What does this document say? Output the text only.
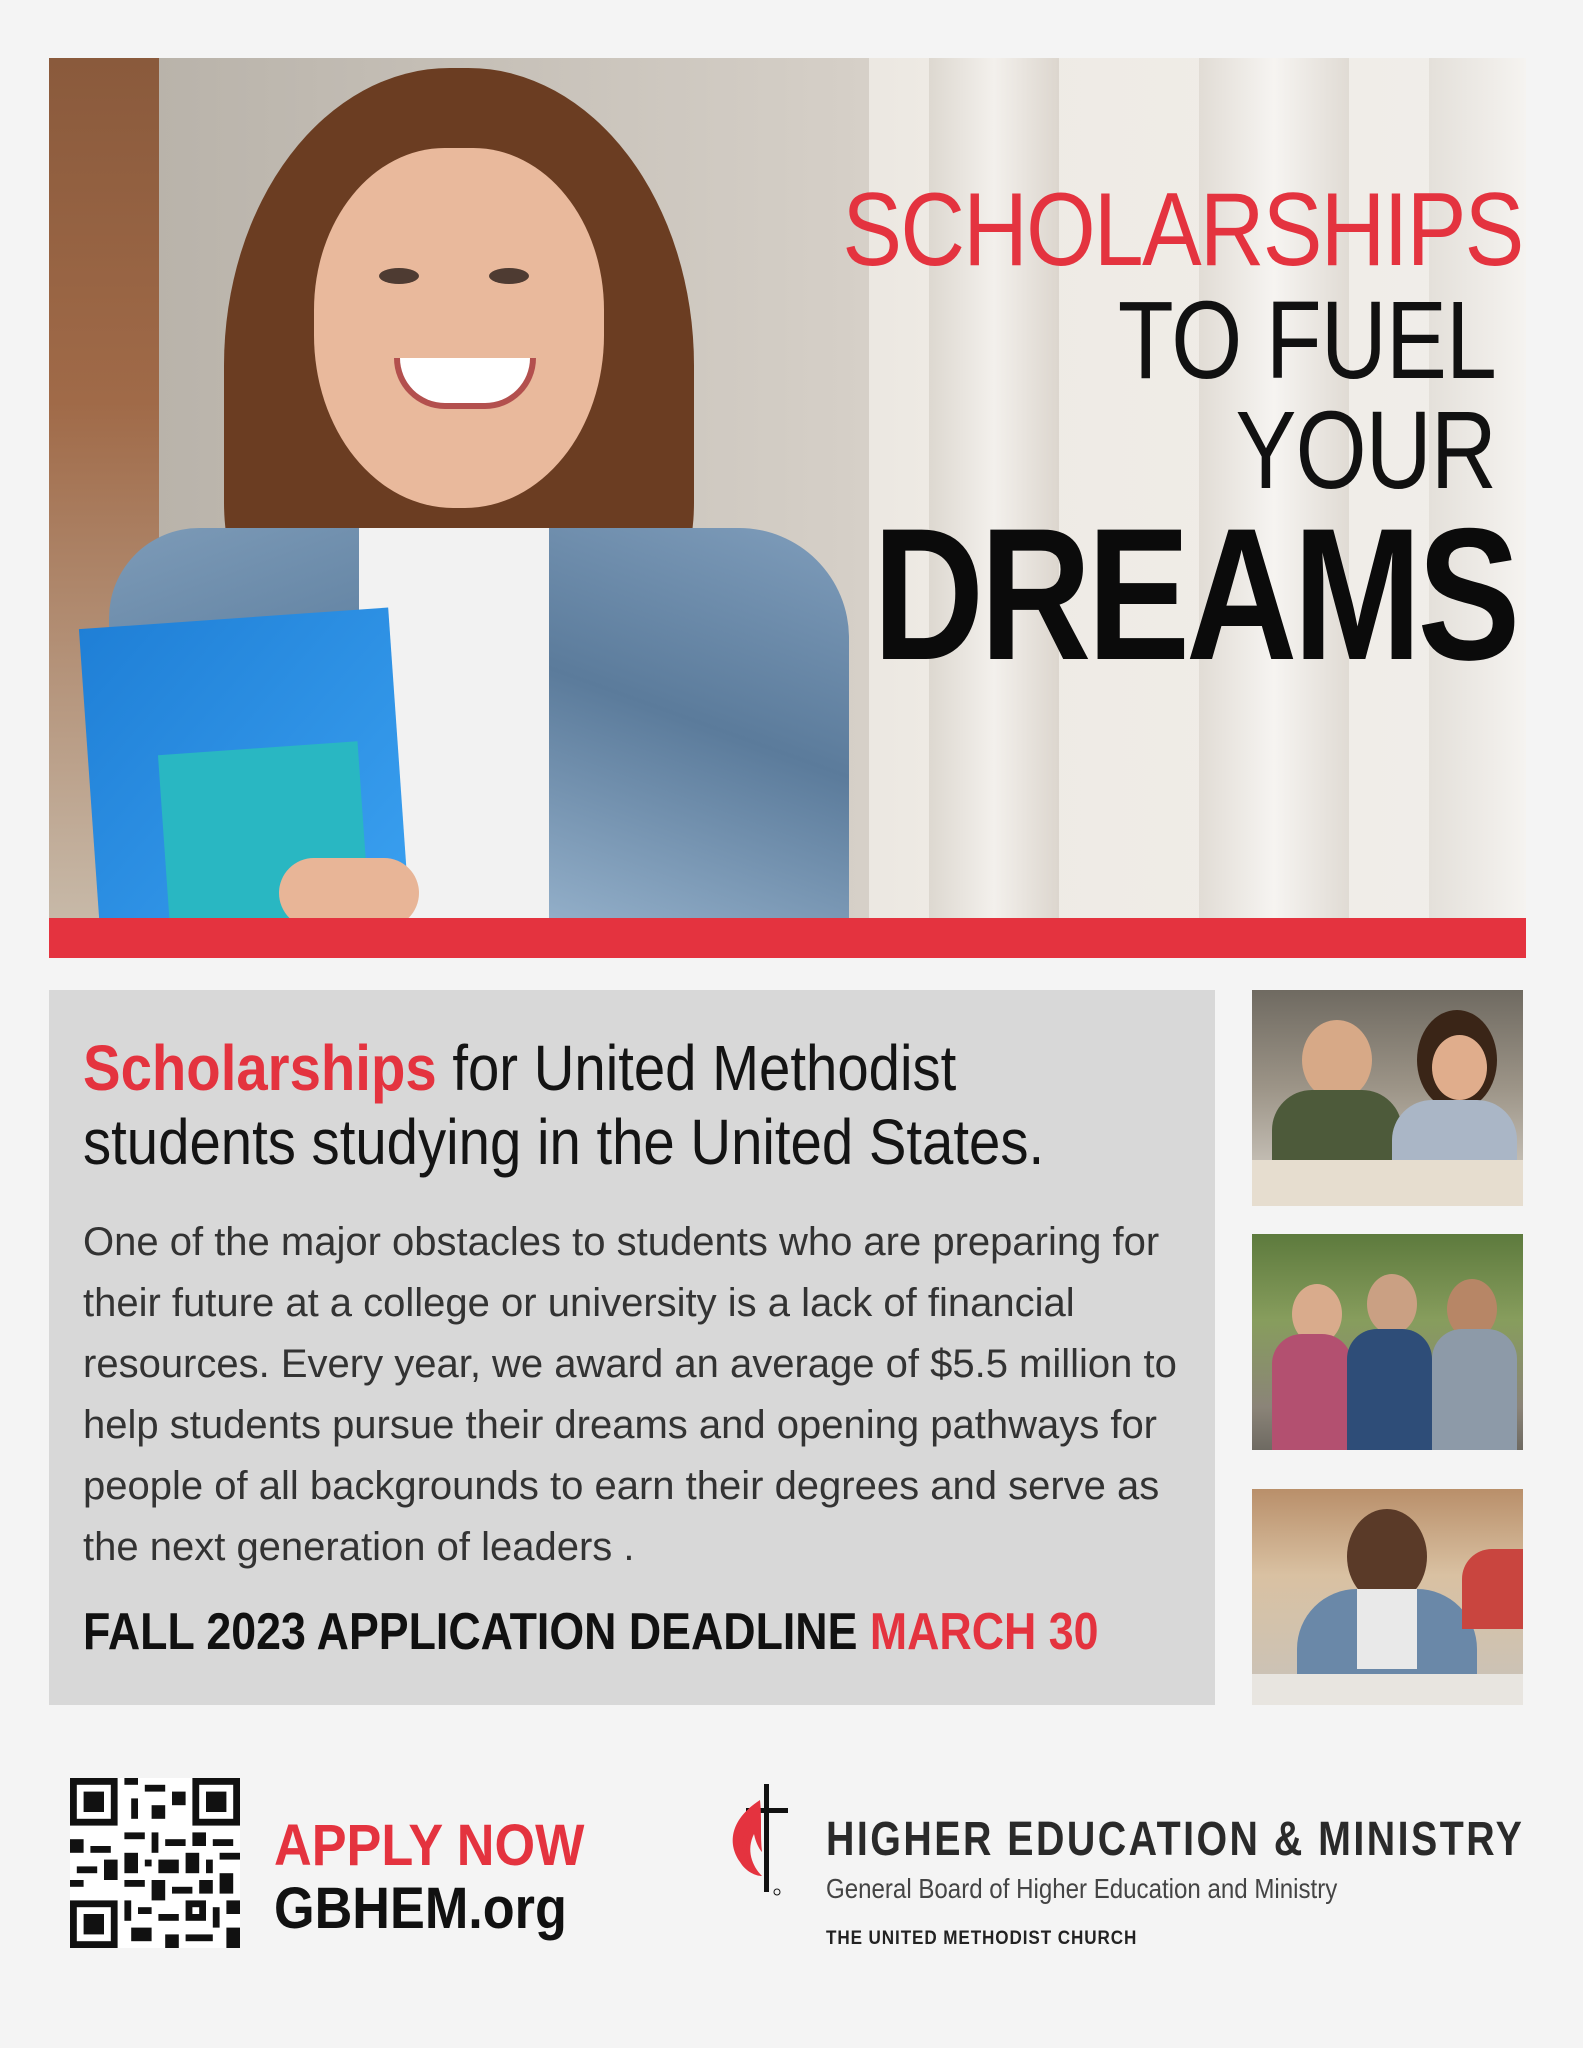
SCHOLARSHIPS
TO FUEL YOUR
DREAMS
Scholarships for United Methodist students studying in the United States.
One of the major obstacles to students who are preparing for their future at a college or university is a lack of financial resources. Every year, we award an average of $5.5 million to help students pursue their dreams and opening pathways for people of all backgrounds to earn their degrees and serve as the next generation of leaders .
FALL 2023 APPLICATION DEADLINE MARCH 30
APPLY NOW
GBHEM.org
HIGHER EDUCATION & MINISTRY
General Board of Higher Education and Ministry
THE UNITED METHODIST CHURCH
